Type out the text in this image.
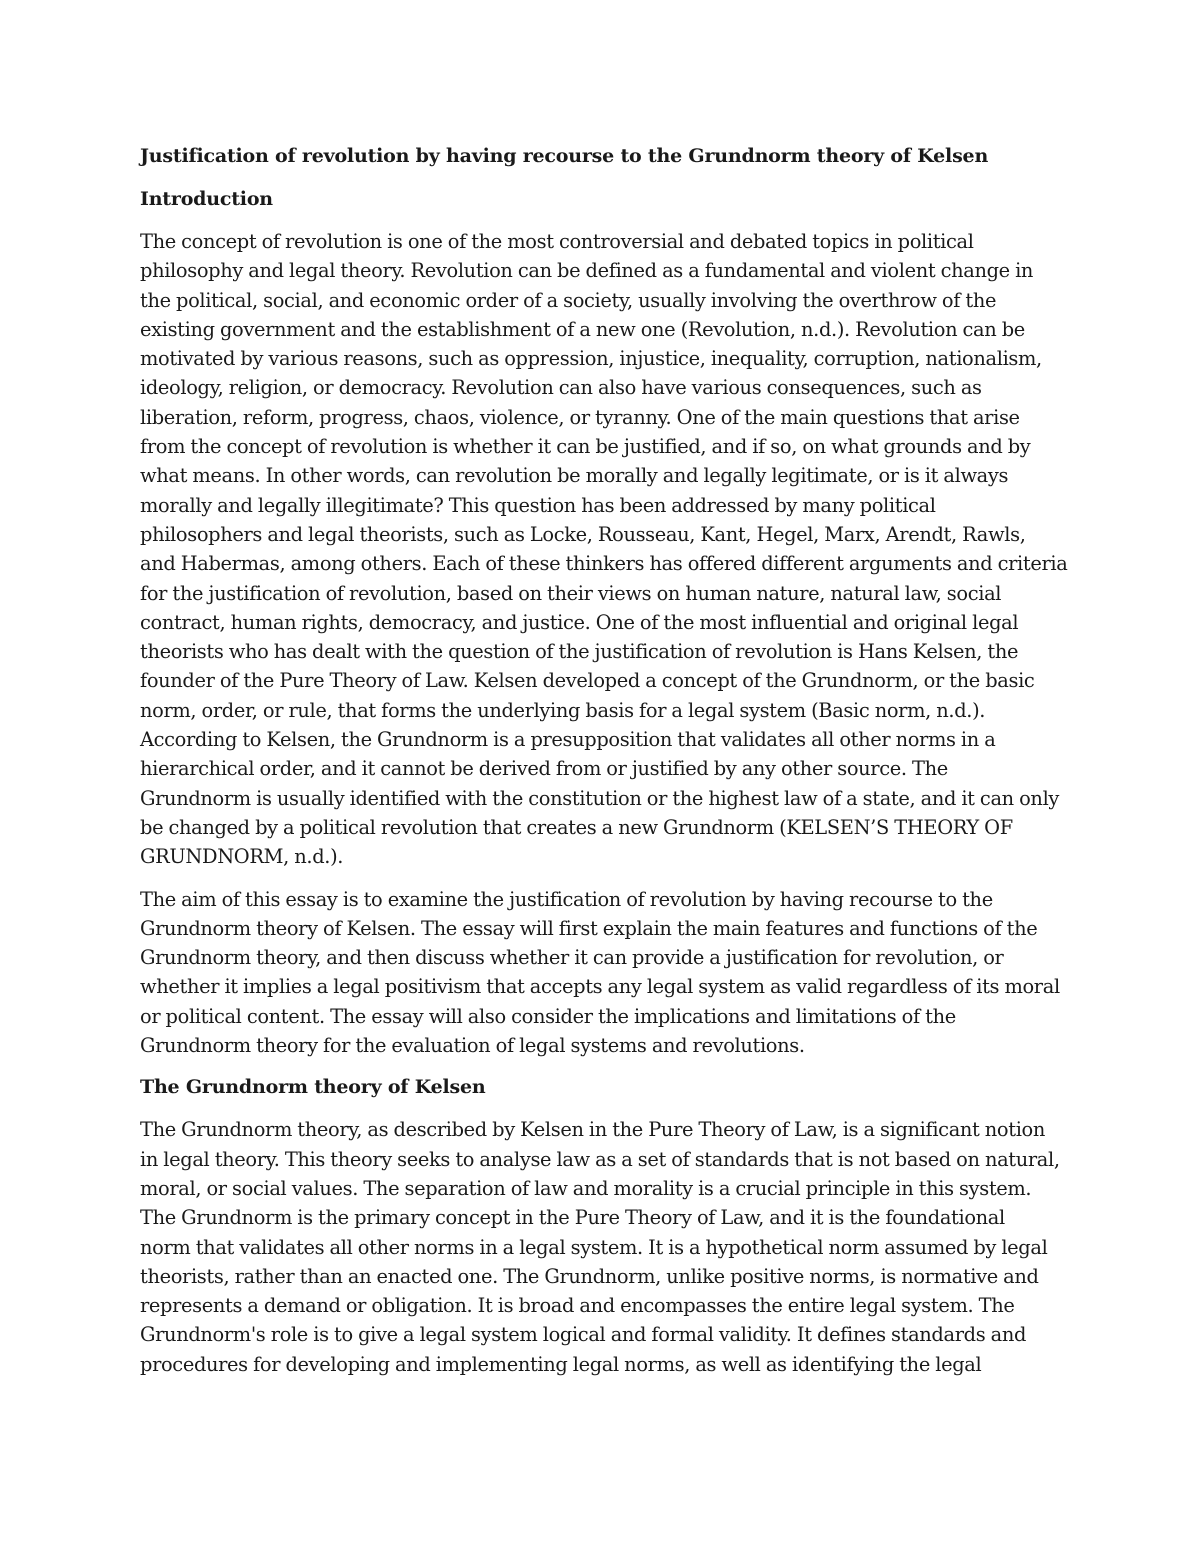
Justification of revolution by having recourse to the Grundnorm theory of Kelsen
Introduction
The concept of revolution is one of the most controversial and debated topics in political
philosophy and legal theory. Revolution can be defined as a fundamental and violent change in
the political, social, and economic order of a society, usually involving the overthrow of the
existing government and the establishment of a new one (Revolution, n.d.). Revolution can be
motivated by various reasons, such as oppression, injustice, inequality, corruption, nationalism,
ideology, religion, or democracy. Revolution can also have various consequences, such as
liberation, reform, progress, chaos, violence, or tyranny. One of the main questions that arise
from the concept of revolution is whether it can be justified, and if so, on what grounds and by
what means. In other words, can revolution be morally and legally legitimate, or is it always
morally and legally illegitimate? This question has been addressed by many political
philosophers and legal theorists, such as Locke, Rousseau, Kant, Hegel, Marx, Arendt, Rawls,
and Habermas, among others. Each of these thinkers has offered different arguments and criteria
for the justification of revolution, based on their views on human nature, natural law, social
contract, human rights, democracy, and justice. One of the most influential and original legal
theorists who has dealt with the question of the justification of revolution is Hans Kelsen, the
founder of the Pure Theory of Law. Kelsen developed a concept of the Grundnorm, or the basic
norm, order, or rule, that forms the underlying basis for a legal system (Basic norm, n.d.).
According to Kelsen, the Grundnorm is a presupposition that validates all other norms in a
hierarchical order, and it cannot be derived from or justified by any other source. The
Grundnorm is usually identified with the constitution or the highest law of a state, and it can only
be changed by a political revolution that creates a new Grundnorm (KELSEN’S THEORY OF
GRUNDNORM, n.d.).
The aim of this essay is to examine the justification of revolution by having recourse to the
Grundnorm theory of Kelsen. The essay will first explain the main features and functions of the
Grundnorm theory, and then discuss whether it can provide a justification for revolution, or
whether it implies a legal positivism that accepts any legal system as valid regardless of its moral
or political content. The essay will also consider the implications and limitations of the
Grundnorm theory for the evaluation of legal systems and revolutions.
The Grundnorm theory of Kelsen
The Grundnorm theory, as described by Kelsen in the Pure Theory of Law, is a significant notion
in legal theory. This theory seeks to analyse law as a set of standards that is not based on natural,
moral, or social values. The separation of law and morality is a crucial principle in this system.
The Grundnorm is the primary concept in the Pure Theory of Law, and it is the foundational
norm that validates all other norms in a legal system. It is a hypothetical norm assumed by legal
theorists, rather than an enacted one. The Grundnorm, unlike positive norms, is normative and
represents a demand or obligation. It is broad and encompasses the entire legal system. The
Grundnorm's role is to give a legal system logical and formal validity. It defines standards and
procedures for developing and implementing legal norms, as well as identifying the legal
